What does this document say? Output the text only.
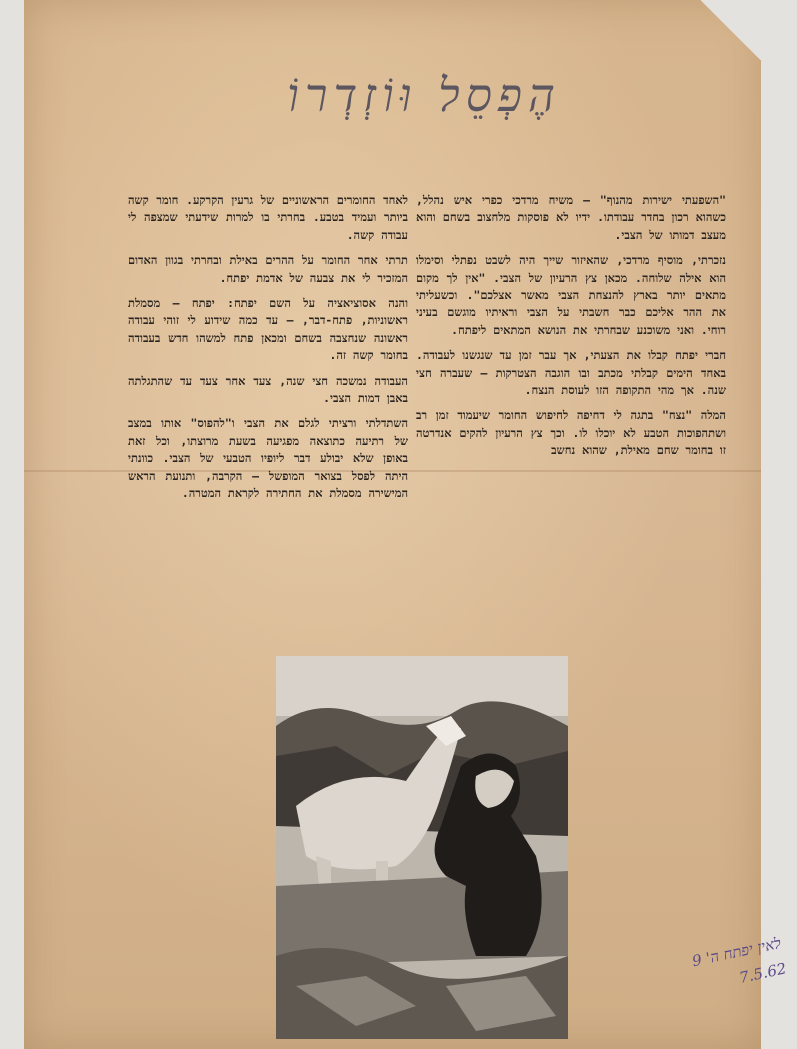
הֶפְסֵל וּוֹזְדְרוֹ

"השפעתי ישירות מהנוף" — משיח מרדכי כפרי איש נהלל, כשהוא רכון בחדר עבודתו. ידיו לא פוסקות מלחצוב בשחם והוא מעצב דמותו של הצבי.

נזכרתי, מוסיף מרדכי, שהאיזור שייך היה לשבט נפתלי וסימלו הוא אילה שלוחה. מכאן צץ הרעיון של הצבי. "אין לך מקום מתאים יותר בארץ להנצחת הצבי מאשר אצלכם". וכשעליתי את ההר אליכם כבר חשבתי על הצבי וראיתיו מוגשם בעיני רוחי. ואני משוכנע שבחרתי את הנושא המתאים ליפתח.

חברי יפתח קבלו את הצעתי, אך עבר זמן עד שנגשנו לעבודה. באחד הימים קבלתי מכתב ובו הוגבה הצטרקות — שעברה חצי שנה. אך מהי התקופה הזו לעוסת הנצח.

המלה "נצח" בתגה לי דחיפה לחיפוש החומר שיעמוד זמן רב ושתהפוכות הטבע לא יוכלו לו. וכך צץ הרעיון להקים אנדרטה זו בחומר שחם מאילת, שהוא נחשב

לאחד החומרים הראשוניים של גרעין הקרקע. חומר קשה ביותר ועמיד בטבע. בחרתי בו למרות שידעתי שמצפה לי עבודה קשה.

תרתי אחר החומר על ההרים באילת ובחרתי בגוון האדום המזכיר לי את צבעה של אדמת יפתח.

והנה אסוציאציה על השם יפתח: יפתח — מסמלת ראשוניות, פתח-דבר, — עד כמה שידוע לי זוהי עבודה ראשונה שנחצבה בשחם ומכאן פתח למשהו חדש בעבודה בחומר קשה זה.

העבודה נמשכה חצי שנה, צעד אחר צעד עד שהתגלתה באבן דמות הצבי.

השתדלתי ורציתי לגלם את הצבי ו"להפוס" אותו במצב של רתיעה כתוצאה מפגיעה בשעת מרוצתו, וכל זאת באופן שלא יבולע דבר ליופיו הטבעי של הצבי. כוונתי היתה לפסל בצואר המופשל — הקרבה, ותנועת הראש המישירה מסמלת את החתירה לקראת המטרה.

לאין יפתח ה' 9
7.5.62
